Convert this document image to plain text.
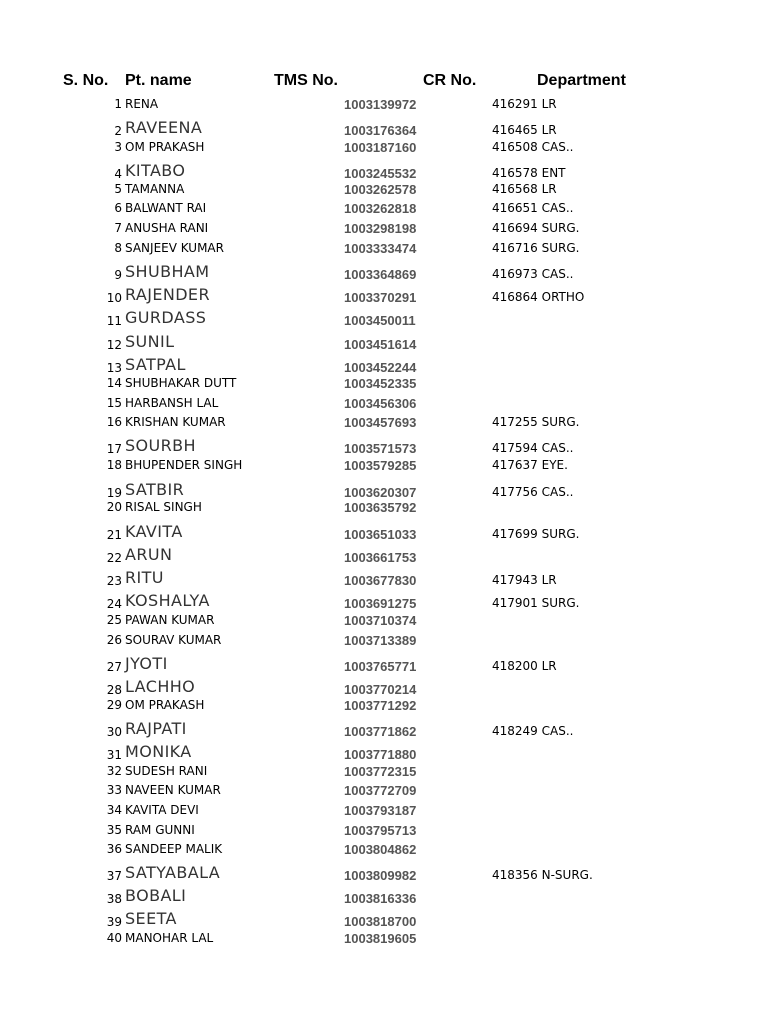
S. No. Pt. name	TMS No.	CR No.	Department
1 RENA	1003139972	416291 LR
2 RAVEENA	1003176364	416465 LR
3 OM PRAKASH	1003187160	416508 CAS..
4 KITABO	1003245532	416578 ENT
5 TAMANNA	1003262578	416568 LR
6 BALWANT RAI	1003262818	416651 CAS..
7 ANUSHA RANI	1003298198	416694 SURG.
8 SANJEEV KUMAR	1003333474	416716 SURG.
9 SHUBHAM	1003364869	416973 CAS..
10 RAJENDER	1003370291	416864 ORTHO
11 GURDASS	1003450011
12 SUNIL	1003451614
13 SATPAL	1003452244
14 SHUBHAKAR DUTT	1003452335
15 HARBANSH LAL	1003456306
16 KRISHAN KUMAR	1003457693	417255 SURG.
17 SOURBH	1003571573	417594 CAS..
18 BHUPENDER SINGH	1003579285	417637 EYE.
19 SATBIR	1003620307	417756 CAS..
20 RISAL SINGH	1003635792
21 KAVITA	1003651033	417699 SURG.
22 ARUN	1003661753
23 RITU	1003677830	417943 LR
24 KOSHALYA	1003691275	417901 SURG.
25 PAWAN KUMAR	1003710374
26 SOURAV KUMAR	1003713389
27 JYOTI	1003765771	418200 LR
28 LACHHO	1003770214
29 OM PRAKASH	1003771292
30 RAJPATI	1003771862	418249 CAS..
31 MONIKA	1003771880
32 SUDESH RANI	1003772315
33 NAVEEN KUMAR	1003772709
34 KAVITA DEVI	1003793187
35 RAM GUNNI	1003795713
36 SANDEEP MALIK	1003804862
37 SATYABALA	1003809982	418356 N-SURG.
38 BOBALI	1003816336
39 SEETA	1003818700
40 MANOHAR LAL	1003819605
